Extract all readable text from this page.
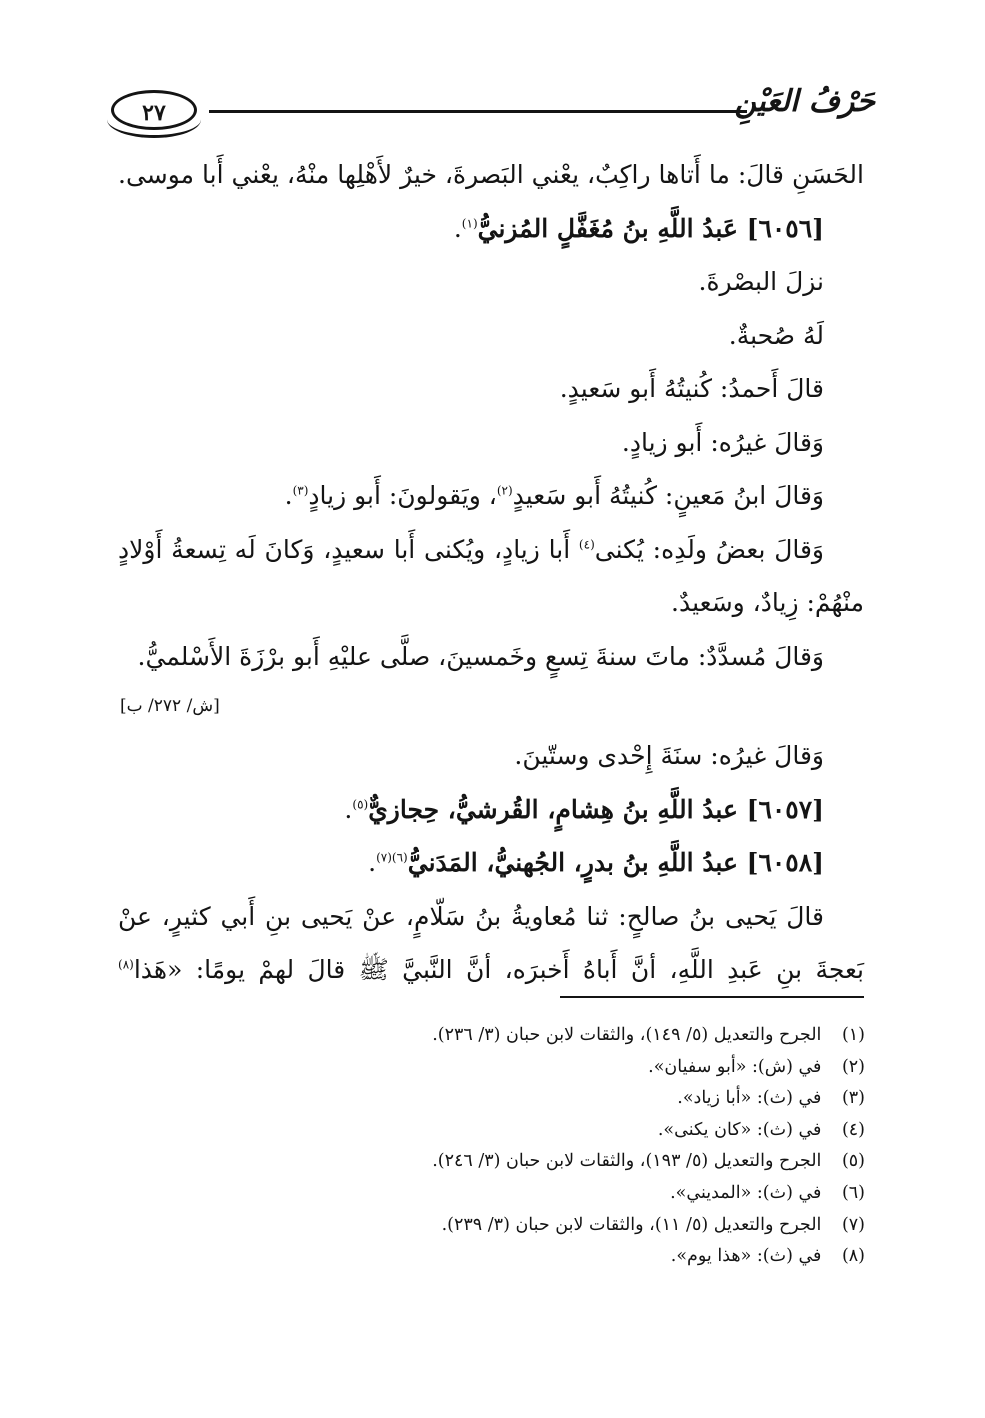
٢٧	حَرْفُ العَيْنِ

الحَسَنِ قالَ: ما أَتاها راكِبٌ، يعْني البَصرةَ، خيرٌ لأَهْلِها منْهُ، يعْني أَبا موسى.

[٦٠٥٦] عَبدُ اللَّهِ بنُ مُغَفَّلٍ المُزنيُّ$^{(١)}$.

نزلَ البصْرةَ.

لَهُ صُحبةٌ.

قالَ أَحمدُ: كُنيتُهُ أَبو سَعيدٍ.

وَقالَ غيرُه: أَبو زيادٍ.

وَقالَ ابنُ مَعينٍ: كُنيتُهُ أَبو سَعيدٍ$^{(٢)}$، ويَقولونَ: أَبو زيادٍ$^{(٣)}$.

وَقالَ بعضُ ولَدِه: يُكنى$^{(٤)}$ أَبا زيادٍ، ويُكنى أَبا سعيدٍ، وَكانَ لَه تِسعةُ أَوْلادٍ

منْهُمْ: زِيادٌ، وسَعيدٌ.

وَقالَ مُسدَّدٌ: ماتَ سنةَ تِسعٍ وخَمسينَ، صلَّى عليْهِ أَبو برْزَةَ الأَسْلميُّ.

[ش/ ٢٧٢/ ب]

وَقالَ غيرُه: سنَةَ إِحْدى وستّينَ.

[٦٠٥٧] عبدُ اللَّهِ بنُ هِشامٍ، القُرشيُّ، حِجازيٌّ$^{(٥)}$.

[٦٠٥٨] عبدُ اللَّهِ بنُ بدرٍ، الجُهنيُّ، المَدَنيُّ$^{(٦)(٧)}$.

قالَ يَحيى بنُ صالحٍ: ثنا مُعاويةُ بنُ سَلّامٍ، عنْ يَحيى بنِ أَبي كثيرٍ، عنْ

بَعجةَ بنِ عَبدِ اللَّهِ، أنَّ أَباهُ أَخبرَه، أنَّ النَّبيَّ ﷺ قالَ لهمْ يومًا: «هَذا$^{(٨)}$

(١) الجرح والتعديل (٥/ ١٤٩)، والثقات لابن حبان (٣/ ٢٣٦).
(٢) في (ش): «أبو سفيان».
(٣) في (ث): «أبا زياد».
(٤) في (ث): «كان يكنى».
(٥) الجرح والتعديل (٥/ ١٩٣)، والثقات لابن حبان (٣/ ٢٤٦).
(٦) في (ث): «المديني».
(٧) الجرح والتعديل (٥/ ١١)، والثقات لابن حبان (٣/ ٢٣٩).
(٨) في (ث): «هذا يوم».
